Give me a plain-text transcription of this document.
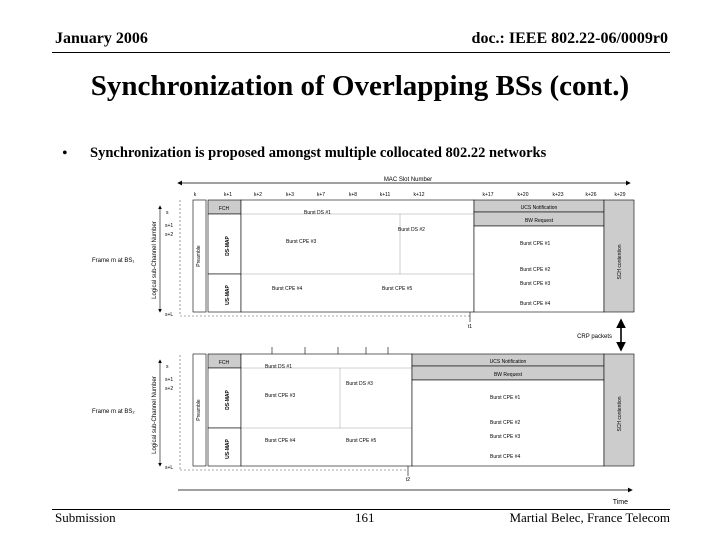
January 2006	doc.: IEEE 802.22-06/0009r0
Synchronization of Overlapping BSs (cont.)
• Synchronization is proposed amongst multiple collocated 802.22 networks
MAC Slot Number
k	k+1	k+2	k+3	k+7	k+8	k+11	k+12	k+17	k+20	k+23	k+26	k+29
Logical sub-Channel Number
s
s+1
s+2
s+L
Frame m at BS₁	Preamble
FCH
DS-MAP
US-MAP
Burst DS #1
Burst DS #2
Burst CPE #3
Burst CPE #4	Burst CPE #5
UCS Notification
BW Request
Burst CPE #1
Burst CPE #2
Burst CPE #3
Burst CPE #4
SCH contention
t1
CRP packets
Logical sub-Channel Number
s
s+1
s+2
s+L
Frame m at BS₂	Preamble
FCH
DS-MAP
US-MAP
Burst DS #1
Burst DS #3
Burst CPE #3
Burst CPE #4	Burst CPE #5
UCS Notification
BW Request
Burst CPE #1
Burst CPE #2
Burst CPE #3
Burst CPE #4
SCH contention
t2
Time
Submission	161	Martial Belec, France Telecom
